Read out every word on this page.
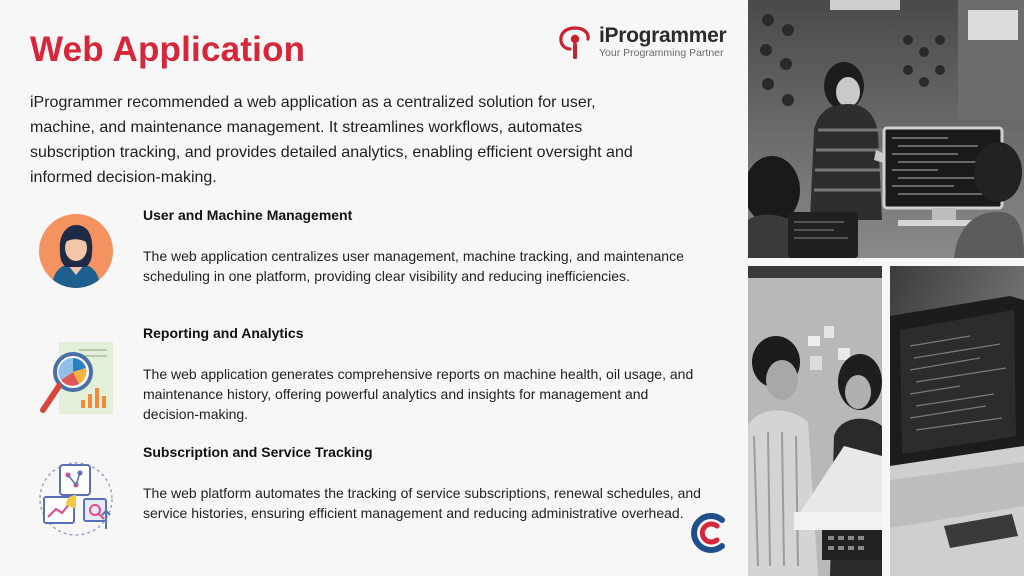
Web Application	iProgrammer
Your Programming Partner

iProgrammer recommended a web application as a centralized solution for user, machine, and maintenance management. It streamlines workflows, automates subscription tracking, and provides detailed analytics, enabling efficient oversight and informed decision-making.

User and Machine Management
The web application centralizes user management, machine tracking, and maintenance scheduling in one platform, providing clear visibility and reducing inefficiencies.
Reporting and Analytics
The web application generates comprehensive reports on machine health, oil usage, and maintenance history, offering powerful analytics and insights for management and decision-making.
Subscription and Service Tracking
The web platform automates the tracking of service subscriptions, renewal schedules, and service histories, ensuring efficient management and reducing administrative overhead.
